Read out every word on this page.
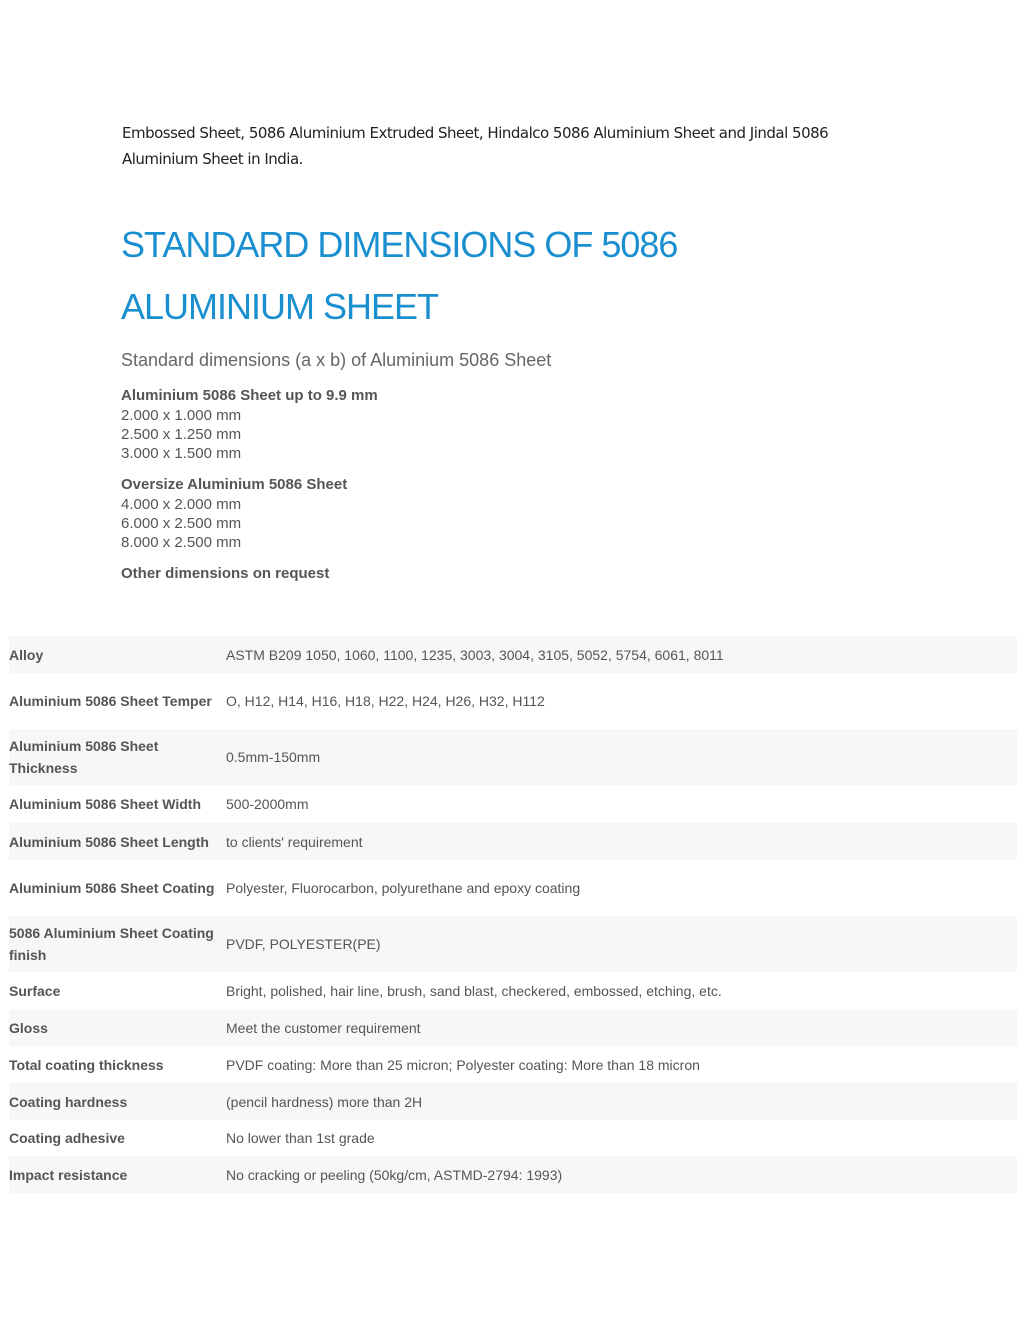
Embossed Sheet, 5086 Aluminium Extruded Sheet, Hindalco 5086 Aluminium Sheet and Jindal 5086 Aluminium Sheet in India.

STANDARD DIMENSIONS OF 5086
ALUMINIUM SHEET

Standard dimensions (a x b) of Aluminium 5086 Sheet

Aluminium 5086 Sheet up to 9.9 mm

2.000 x 1.000 mm

2.500 x 1.250 mm

3.000 x 1.500 mm

Oversize Aluminium 5086 Sheet

4.000 x 2.000 mm

6.000 x 2.500 mm

8.000 x 2.500 mm

Other dimensions on request

Alloy	ASTM B209 1050, 1060, 1100, 1235, 3003, 3004, 3105, 5052, 5754, 6061, 8011
Aluminium 5086 Sheet Temper	O, H12, H14, H16, H18, H22, H24, H26, H32, H112
Aluminium 5086 Sheet Thickness	0.5mm-150mm
Aluminium 5086 Sheet Width	500-2000mm
Aluminium 5086 Sheet Length	to clients' requirement
Aluminium 5086 Sheet Coating	Polyester, Fluorocarbon, polyurethane and epoxy coating
5086 Aluminium Sheet Coating finish	PVDF, POLYESTER(PE)
Surface	Bright, polished, hair line, brush, sand blast, checkered, embossed, etching, etc.
Gloss	Meet the customer requirement
Total coating thickness	PVDF coating: More than 25 micron; Polyester coating: More than 18 micron
Coating hardness	(pencil hardness) more than 2H
Coating adhesive	No lower than 1st grade
Impact resistance	No cracking or peeling (50kg/cm, ASTMD-2794: 1993)
